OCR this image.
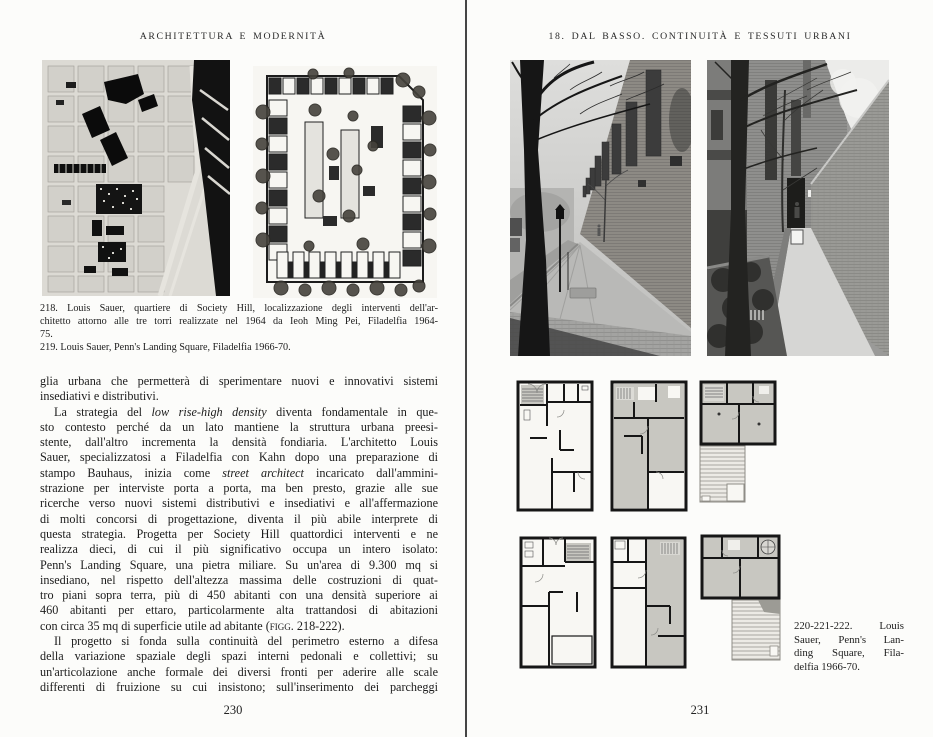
ARCHITETTURA E MODERNITÀ	18. DAL BASSO. CONTINUITÀ E TESSUTI URBANI
218. Louis Sauer, quartiere di Society Hill, localizzazione degli interventi dell'ar-
chitetto attorno alle tre torri realizzate nel 1964 da Ieoh Ming Pei, Filadelfia 1964-
75.
219. Louis Sauer, Penn's Landing Square, Filadelfia 1966-70.
glia urbana che permetterà di sperimentare nuovi e innovativi sistemi
insediativi e distributivi.
La strategia del low rise-high density diventa fondamentale in que-
sto contesto perché da un lato mantiene la struttura urbana preesi-
stente, dall'altro incrementa la densità fondiaria. L'architetto Louis
Sauer, specializzatosi a Filadelfia con Kahn dopo una preparazione di
stampo Bauhaus, inizia come street architect incaricato dall'ammini-
strazione per interviste porta a porta, ma ben presto, grazie alle sue
ricerche verso nuovi sistemi distributivi e insediativi e all'affermazione
di molti concorsi di progettazione, diventa il più abile interprete di
questa strategia. Progetta per Society Hill quattordici interventi e ne
realizza dieci, di cui il più significativo occupa un intero isolato:
Penn's Landing Square, una pietra miliare. Su un'area di 9.300 mq si
insediano, nel rispetto dell'altezza massima delle costruzioni di quat-
tro piani sopra terra, più di 450 abitanti con una densità superiore ai
460 abitanti per ettaro, particolarmente alta trattandosi di abitazioni
con circa 35 mq di superficie utile ad abitante (figg. 218-222).
Il progetto si fonda sulla continuità del perimetro esterno a difesa
della variazione spaziale degli spazi interni pedonali e collettivi; su
un'articolazione anche formale dei diversi fronti per aderire alle scale
differenti di fruizione su cui insistono; sull'inserimento dei parcheggi
230
220-221-222. Louis
Sauer, Penn's Lan-
ding Square, Fila-
delfia 1966-70.
231
